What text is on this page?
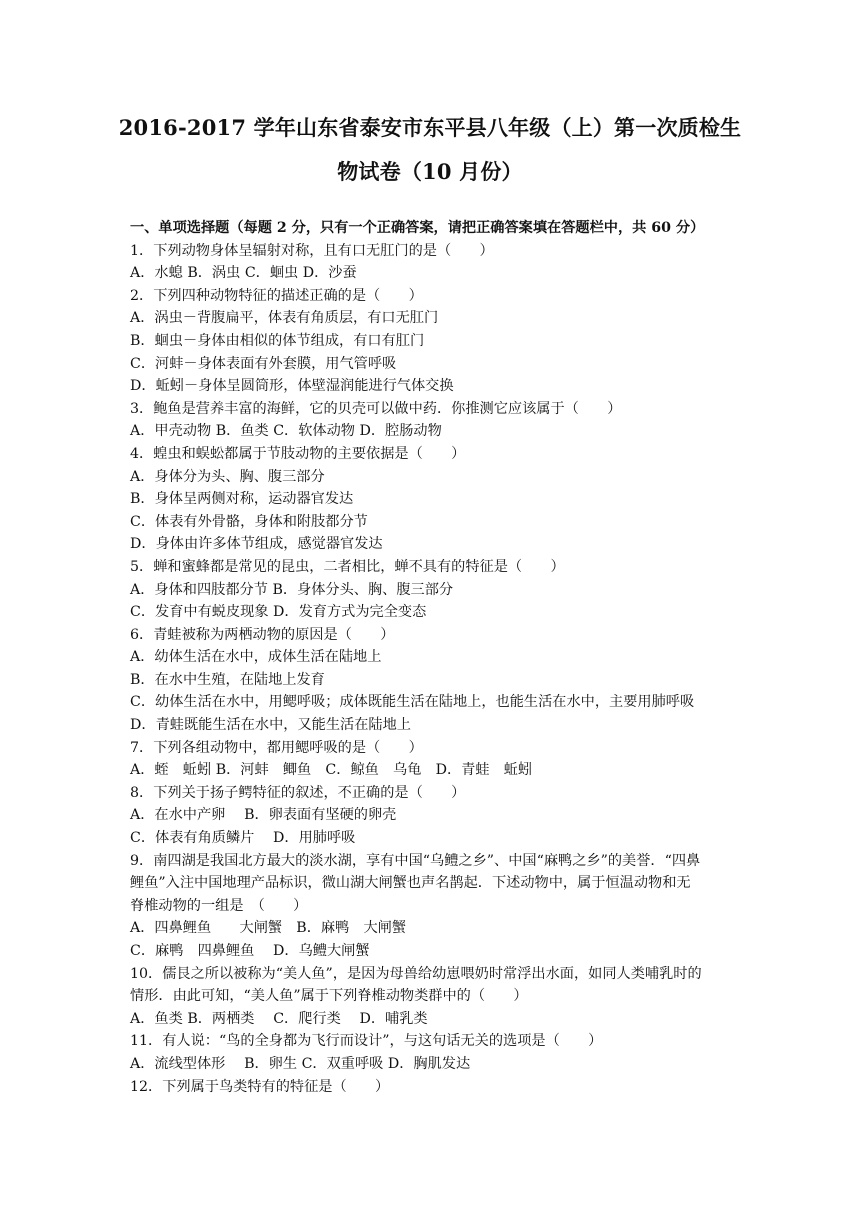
2016-2017 学年山东省泰安市东平县八年级（上）第一次质检生
物试卷（10 月份）
一、单项选择题（每题 2 分，只有一个正确答案，请把正确答案填在答题栏中，共 60 分）
1．下列动物身体呈辐射对称，且有口无肛门的是（　　）
A．水螅 B．涡虫 C．蛔虫 D．沙蚕
2．下列四种动物特征的描述正确的是（　　）
A．涡虫－背腹扁平，体表有角质层，有口无肛门
B．蛔虫－身体由相似的体节组成，有口有肛门
C．河蚌－身体表面有外套膜，用气管呼吸
D．蚯蚓－身体呈圆筒形，体壁湿润能进行气体交换
3．鲍鱼是营养丰富的海鲜，它的贝壳可以做中药．你推测它应该属于（　　）
A．甲壳动物 B．鱼类 C．软体动物 D．腔肠动物
4．蝗虫和蜈蚣都属于节肢动物的主要依据是（　　）
A．身体分为头、胸、腹三部分
B．身体呈两侧对称，运动器官发达
C．体表有外骨骼，身体和附肢都分节
D．身体由许多体节组成，感觉器官发达
5．蝉和蜜蜂都是常见的昆虫，二者相比，蝉不具有的特征是（　　）
A．身体和四肢都分节 B．身体分头、胸、腹三部分
C．发育中有蜕皮现象 D．发育方式为完全变态
6．青蛙被称为两栖动物的原因是（　　）
A．幼体生活在水中，成体生活在陆地上
B．在水中生殖，在陆地上发育
C．幼体生活在水中，用鳃呼吸；成体既能生活在陆地上，也能生活在水中，主要用肺呼吸
D．青蛙既能生活在水中，又能生活在陆地上
7．下列各组动物中，都用鳃呼吸的是（　　）
A．蛭　蚯蚓 B．河蚌　鲫鱼　C．鲸鱼　乌龟　D．青蛙　蚯蚓
8．下列关于扬子鳄特征的叙述，不正确的是（　　）
A．在水中产卵　 B．卵表面有坚硬的卵壳
C．体表有角质鳞片　 D．用肺呼吸
9．南四湖是我国北方最大的淡水湖，享有中国“乌鳢之乡”、中国“麻鸭之乡”的美誉．“四鼻
鲤鱼”入注中国地理产品标识，微山湖大闸蟹也声名鹊起．下述动物中，属于恒温动物和无
脊椎动物的一组是　（　　）
A．四鼻鲤鱼　　大闸蟹　B．麻鸭　大闸蟹
C．麻鸭　四鼻鲤鱼　 D．乌鳢大闸蟹
10．儒艮之所以被称为“美人鱼”，是因为母兽给幼崽喂奶时常浮出水面，如同人类哺乳时的
情形．由此可知，“美人鱼”属于下列脊椎动物类群中的（　　）
A．鱼类 B．两栖类　 C．爬行类　 D．哺乳类
11．有人说：“鸟的全身都为飞行而设计”，与这句话无关的选项是（　　）
A．流线型体形　 B．卵生 C．双重呼吸 D．胸肌发达
12．下列属于鸟类特有的特征是（　　）
